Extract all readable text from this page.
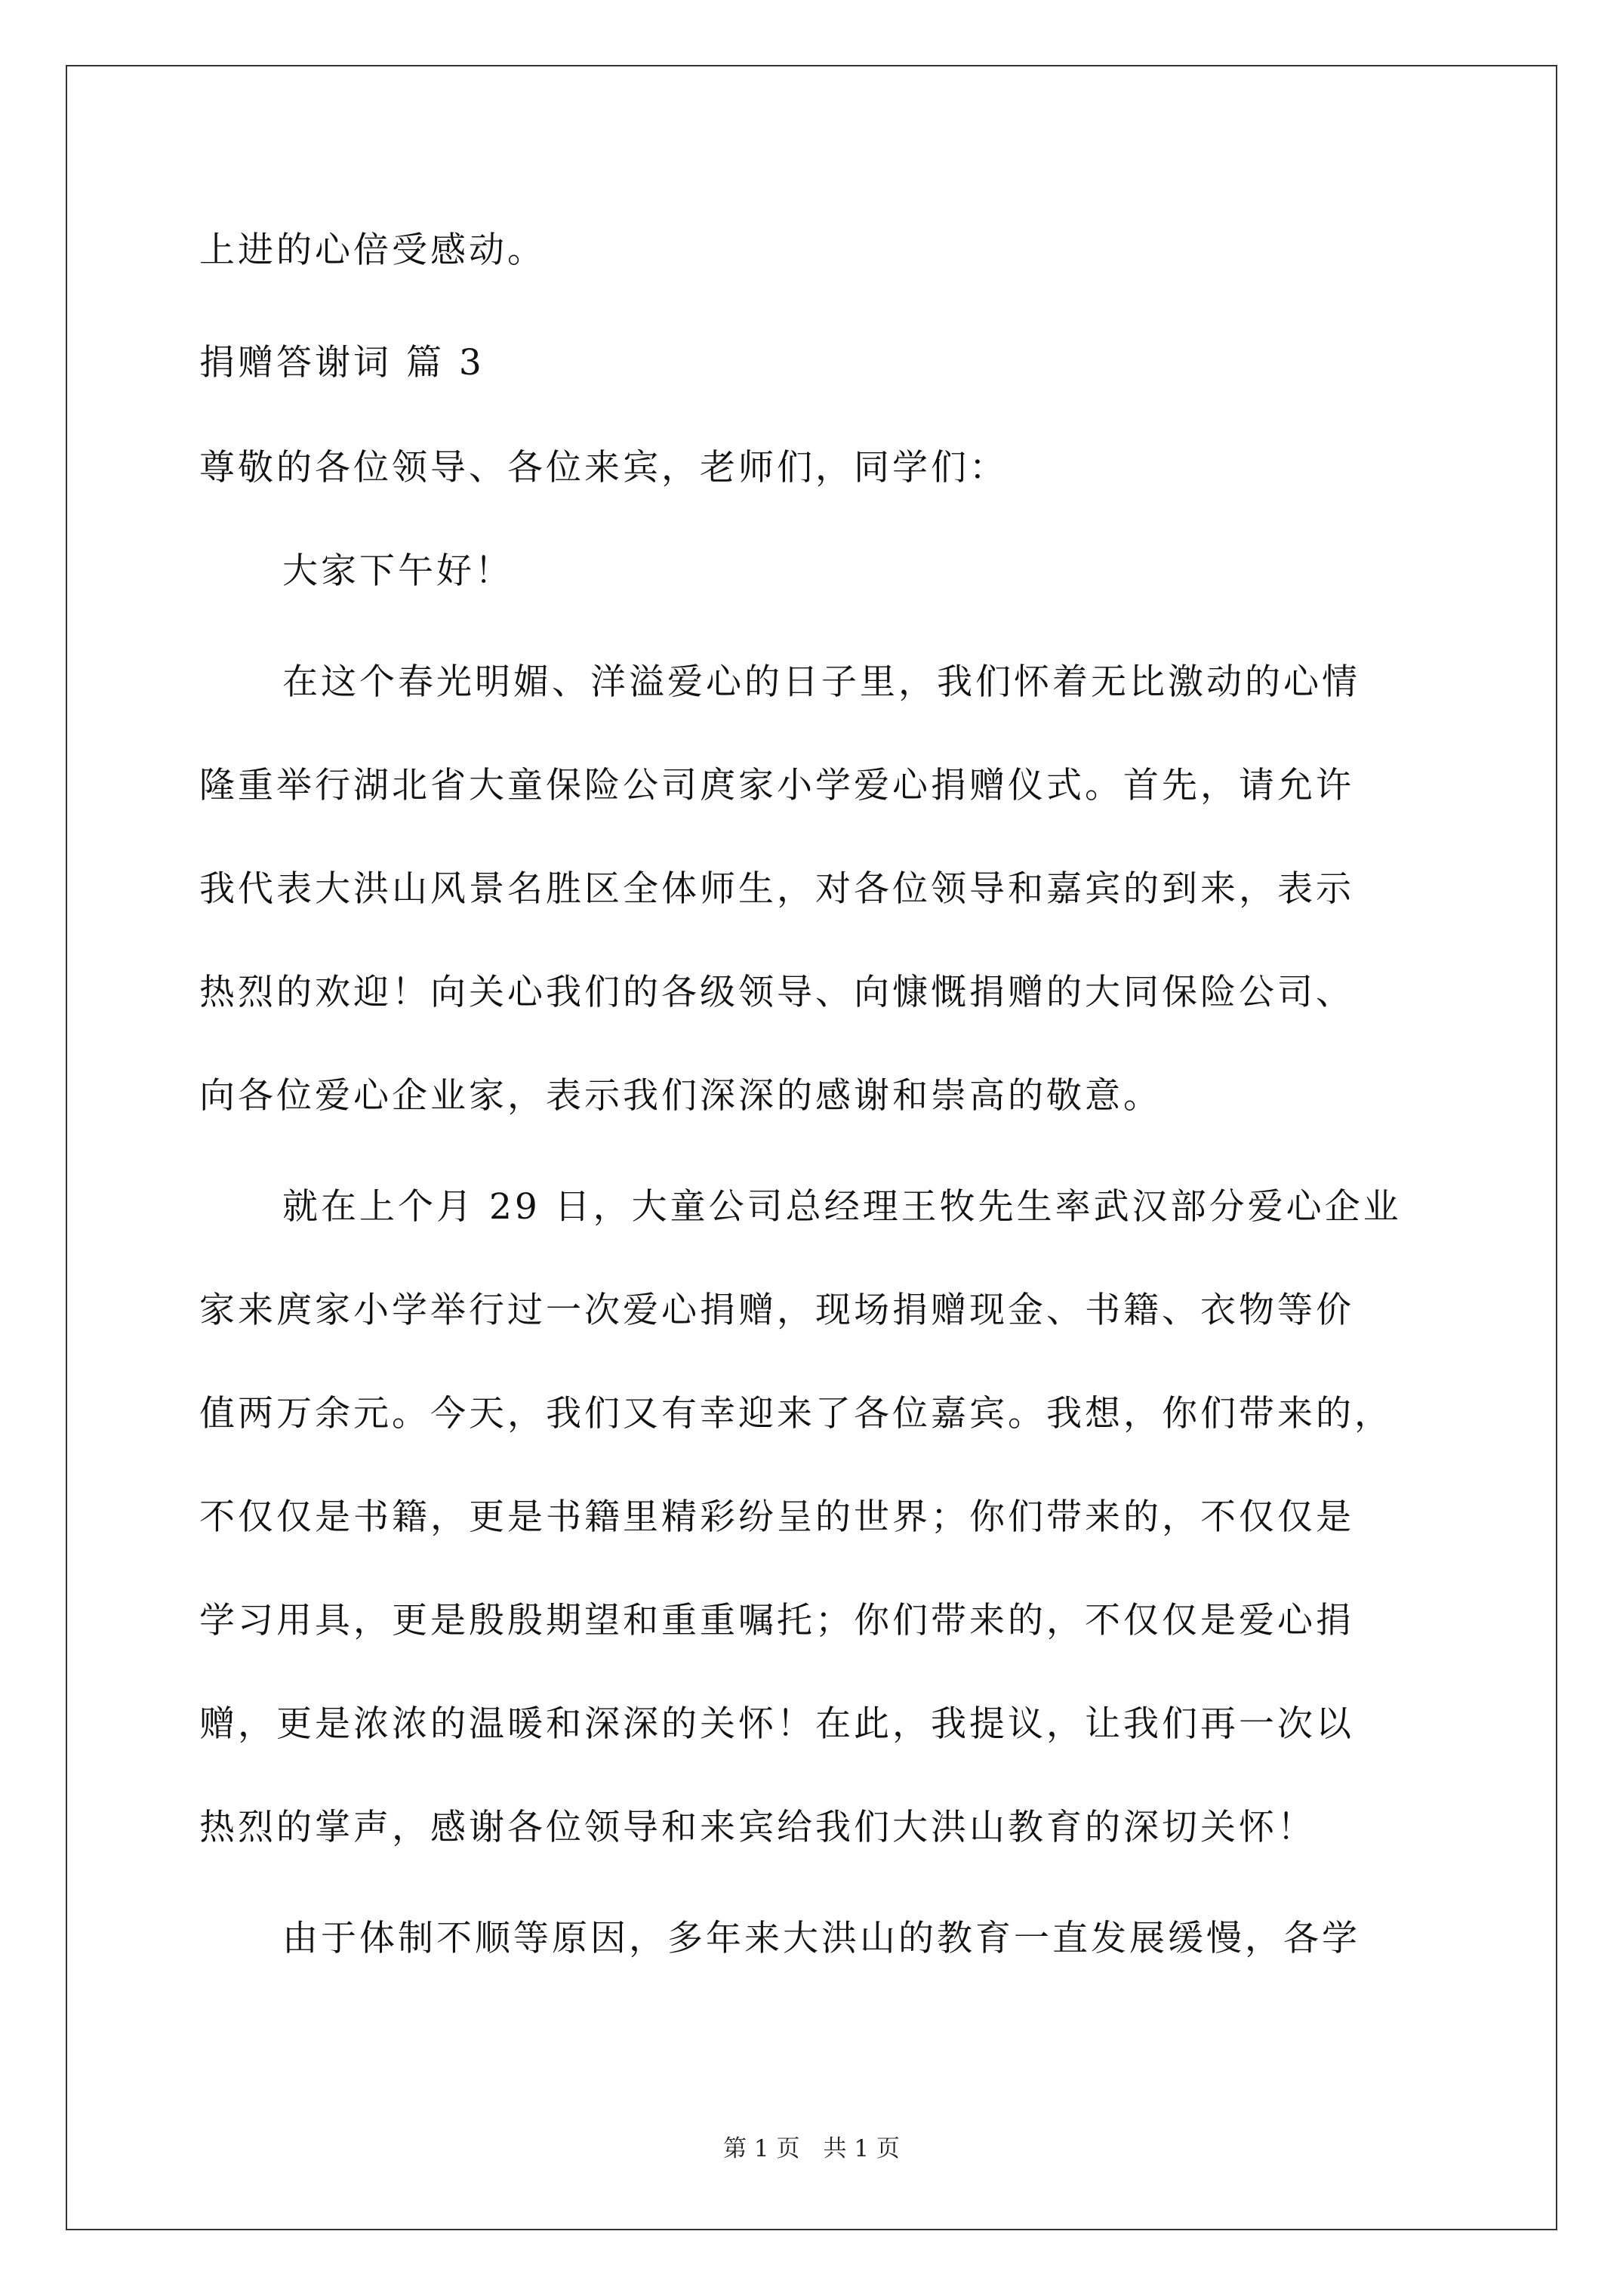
上进的心倍受感动。
捐赠答谢词 篇 3
尊敬的各位领导、各位来宾，老师们，同学们：
大家下午好！
在这个春光明媚、洋溢爱心的日子里，我们怀着无比激动的心情
隆重举行湖北省大童保险公司庹家小学爱心捐赠仪式。首先，请允许
我代表大洪山风景名胜区全体师生，对各位领导和嘉宾的到来，表示
热烈的欢迎！向关心我们的各级领导、向慷慨捐赠的大同保险公司、
向各位爱心企业家，表示我们深深的感谢和崇高的敬意。
就在上个月 29 日，大童公司总经理王牧先生率武汉部分爱心企业
家来庹家小学举行过一次爱心捐赠，现场捐赠现金、书籍、衣物等价
值两万余元。今天，我们又有幸迎来了各位嘉宾。我想，你们带来的，
不仅仅是书籍，更是书籍里精彩纷呈的世界；你们带来的，不仅仅是
学习用具，更是殷殷期望和重重嘱托；你们带来的，不仅仅是爱心捐
赠，更是浓浓的温暖和深深的关怀！在此，我提议，让我们再一次以
热烈的掌声，感谢各位领导和来宾给我们大洪山教育的深切关怀！
由于体制不顺等原因，多年来大洪山的教育一直发展缓慢，各学
第 1 页　共 1 页
